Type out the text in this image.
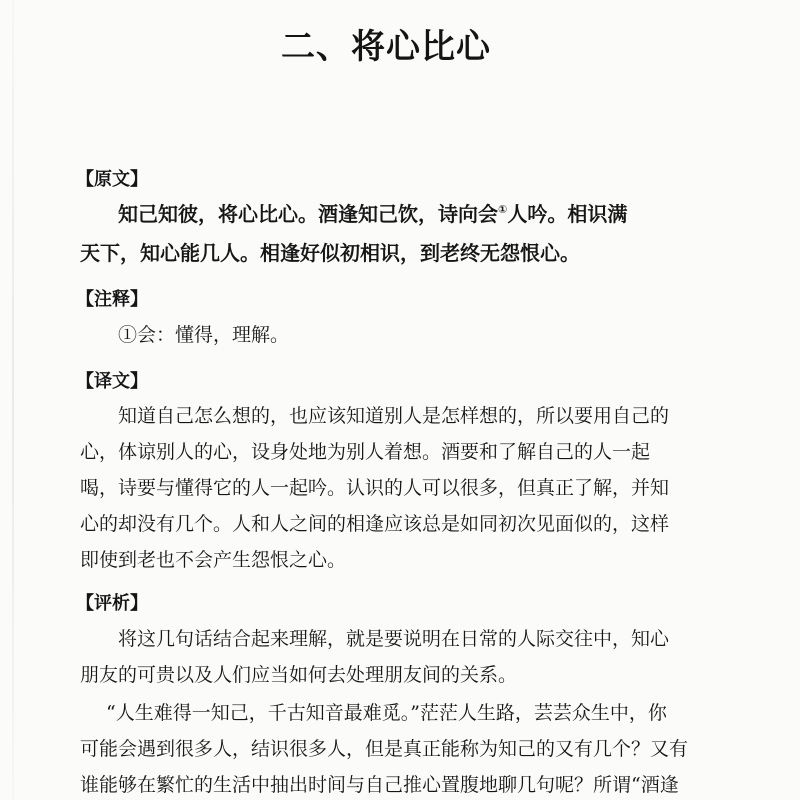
二、将心比心
【原文】
知己知彼，将心比心。酒逢知己饮，诗向会①人吟。相识满
天下，知心能几人。相逢好似初相识，到老终无怨恨心。
【注释】
①会：懂得，理解。
【译文】
知道自己怎么想的，也应该知道别人是怎样想的，所以要用自己的
心，体谅别人的心，设身处地为别人着想。酒要和了解自己的人一起
喝，诗要与懂得它的人一起吟。认识的人可以很多，但真正了解，并知
心的却没有几个。人和人之间的相逢应该总是如同初次见面似的，这样
即使到老也不会产生怨恨之心。
【评析】
将这几句话结合起来理解，就是要说明在日常的人际交往中，知心
朋友的可贵以及人们应当如何去处理朋友间的关系。
“人生难得一知己，千古知音最难觅。”茫茫人生路，芸芸众生中，你
可能会遇到很多人，结识很多人，但是真正能称为知己的又有几个？又有
谁能够在繁忙的生活中抽出时间与自己推心置腹地聊几句呢？所谓“酒逢
